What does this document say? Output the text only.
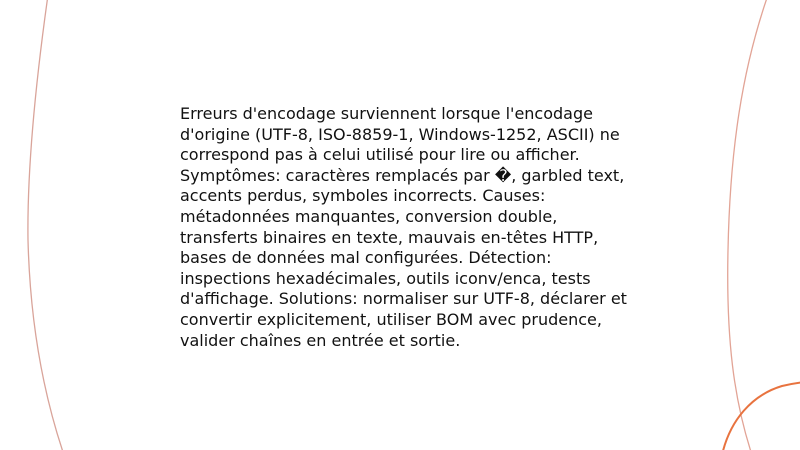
Erreurs d'encodage surviennent lorsque l'encodage d'origine (UTF-8, ISO-8859-1, Windows-1252, ASCII) ne correspond pas à celui utilisé pour lire ou afficher. Symptômes: caractères remplacés par �, garbled text, accents perdus, symboles incorrects. Causes: métadonnées manquantes, conversion double, transferts binaires en texte, mauvais en-têtes HTTP, bases de données mal configurées. Détection: inspections hexadécimales, outils iconv/enca, tests d'affichage. Solutions: normaliser sur UTF-8, déclarer et convertir explicitement, utiliser BOM avec prudence, valider chaînes en entrée et sortie.
